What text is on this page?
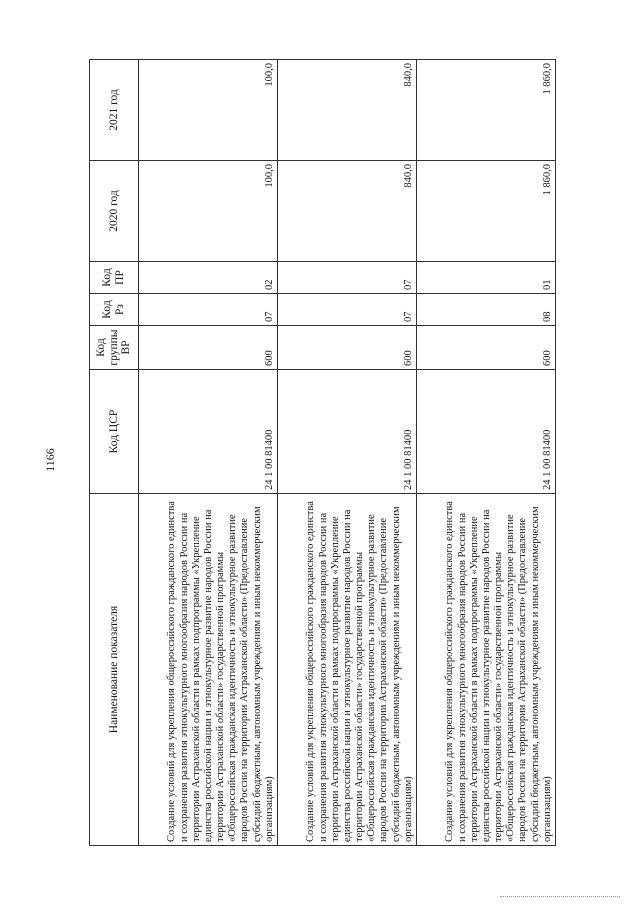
1166
Наименование показателя	Код ЦСР	Код группы ВР	Код Рз	Код ПР	2020 год	2021 год
Создание условий для укрепления общероссийского гражданского единства и сохранения развития этнокультурного многообразия народов России на территории Астраханской области в рамках подпрограммы «Укрепление единства российской нации и этнокультурное развитие народов России на территории Астраханской области» государственной программы «Общероссийская гражданская идентичность и этнокультурное развитие народов России на территории Астраханской области» (Предоставление субсидий бюджетным, автономным учреждениям и иным некоммерческим организациям)	24 1 00 81400	600	07	02	100,0	100,0
Создание условий для укрепления общероссийского гражданского единства и сохранения развития этнокультурного многообразия народов России на территории Астраханской области в рамках подпрограммы «Укрепление единства российской нации и этнокультурное развитие народов России на территории Астраханской области» государственной программы «Общероссийская гражданская идентичность и этнокультурное развитие народов России на территории Астраханской области» (Предоставление субсидий бюджетным, автономным учреждениям и иным некоммерческим организациям)	24 1 00 81400	600	07	07	840,0	840,0
Создание условий для укрепления общероссийского гражданского единства и сохранения развития этнокультурного многообразия народов России на территории Астраханской области в рамках подпрограммы «Укрепление единства российской нации и этнокультурное развитие народов России на территории Астраханской области» государственной программы «Общероссийская гражданская идентичность и этнокультурное развитие народов России на территории Астраханской области» (Предоставление субсидий бюджетным, автономным учреждениям и иным некоммерческим организациям)	24 1 00 81400	600	08	01	1 860,0	1 860,0
